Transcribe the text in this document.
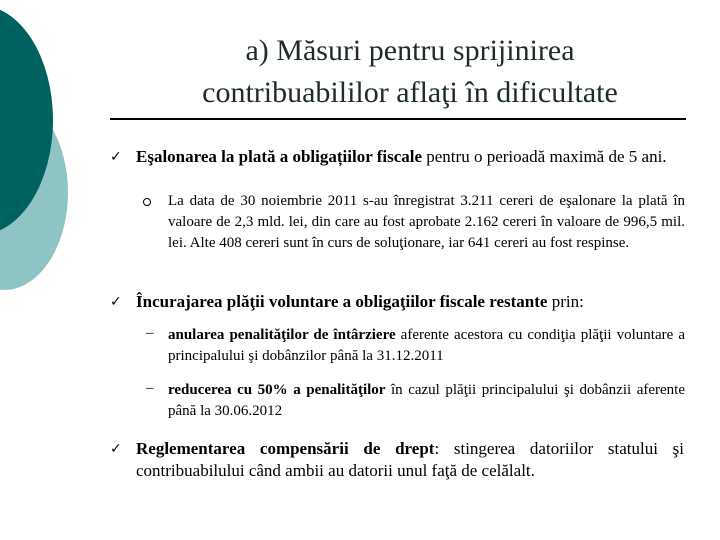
a) Măsuri pentru sprijinirea
contribuabililor aflaţi în dificultate
✓ Eşalonarea la plată a obligațiilor fiscale pentru o perioadă maximă de 5 ani.
La data de 30 noiembrie 2011 s-au înregistrat 3.211 cereri de eşalonare la plată în valoare de 2,3 mld. lei, din care au fost aprobate 2.162 cereri în valoare de 996,5 mil. lei. Alte 408 cereri sunt în curs de soluţionare, iar 641 cereri au fost respinse.
✓ Încurajarea plăţii voluntare a obligaţiilor fiscale restante prin:
– anularea penalităţilor de întârziere aferente acestora cu condiţia plăţii voluntare a principalului şi dobânzilor până la 31.12.2011
– reducerea cu 50% a penalităţilor în cazul plăţii principalului şi dobânzii aferente până la 30.06.2012
✓ Reglementarea compensării de drept: stingerea datoriilor statului şi contribuabilului când ambii au datorii unul faţă de celălalt.
